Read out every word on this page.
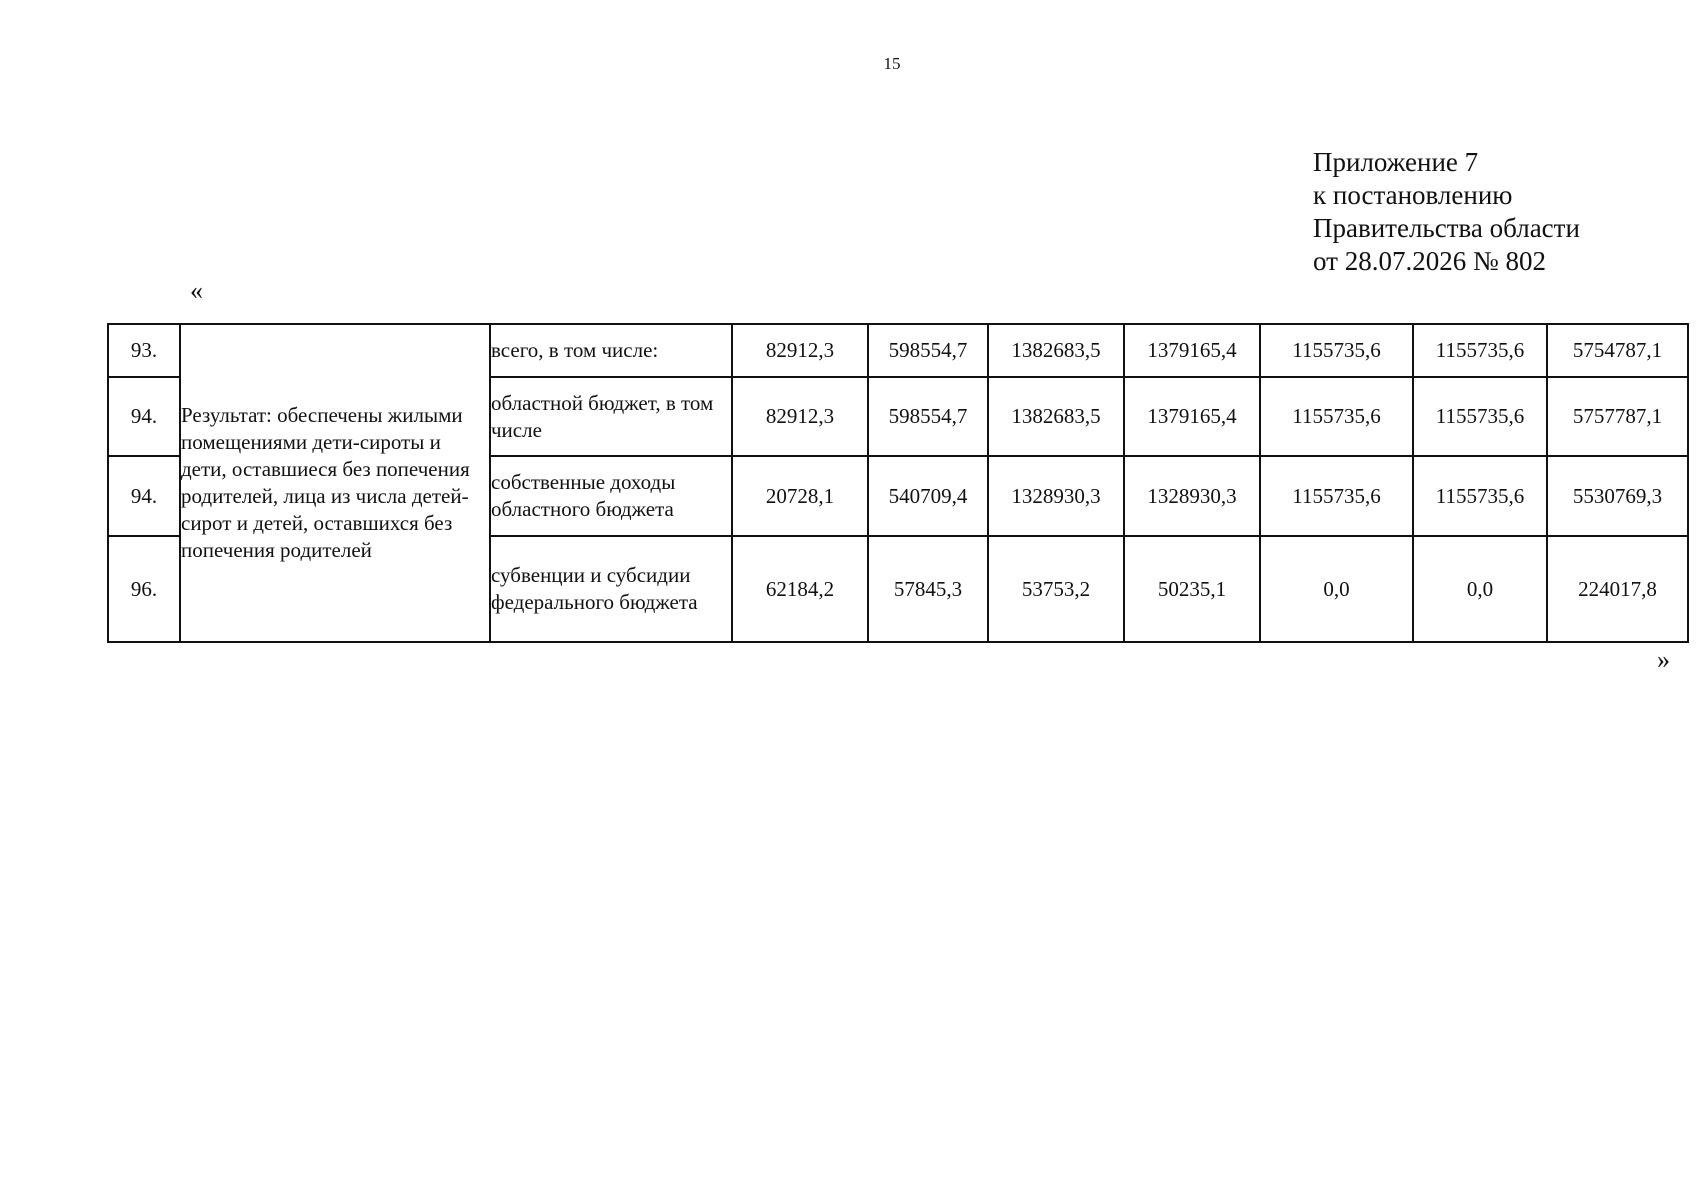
15
Приложение 7
к постановлению
Правительства области
от 28.07.2026 № 802
«
93.	Результат: обеспечены жилыми помещениями дети-сироты и дети, оставшиеся без попечения родителей, лица из числа детей-сирот и детей, оставшихся без попечения родителей	всего, в том числе:	82912,3	598554,7	1382683,5	1379165,4	1155735,6	1155735,6	5754787,1
94.		областной бюджет, в том числе	82912,3	598554,7	1382683,5	1379165,4	1155735,6	1155735,6	5757787,1
94.		собственные доходы областного бюджета	20728,1	540709,4	1328930,3	1328930,3	1155735,6	1155735,6	5530769,3
96.		субвенции и субсидии федерального бюджета	62184,2	57845,3	53753,2	50235,1	0,0	0,0	224017,8
»
